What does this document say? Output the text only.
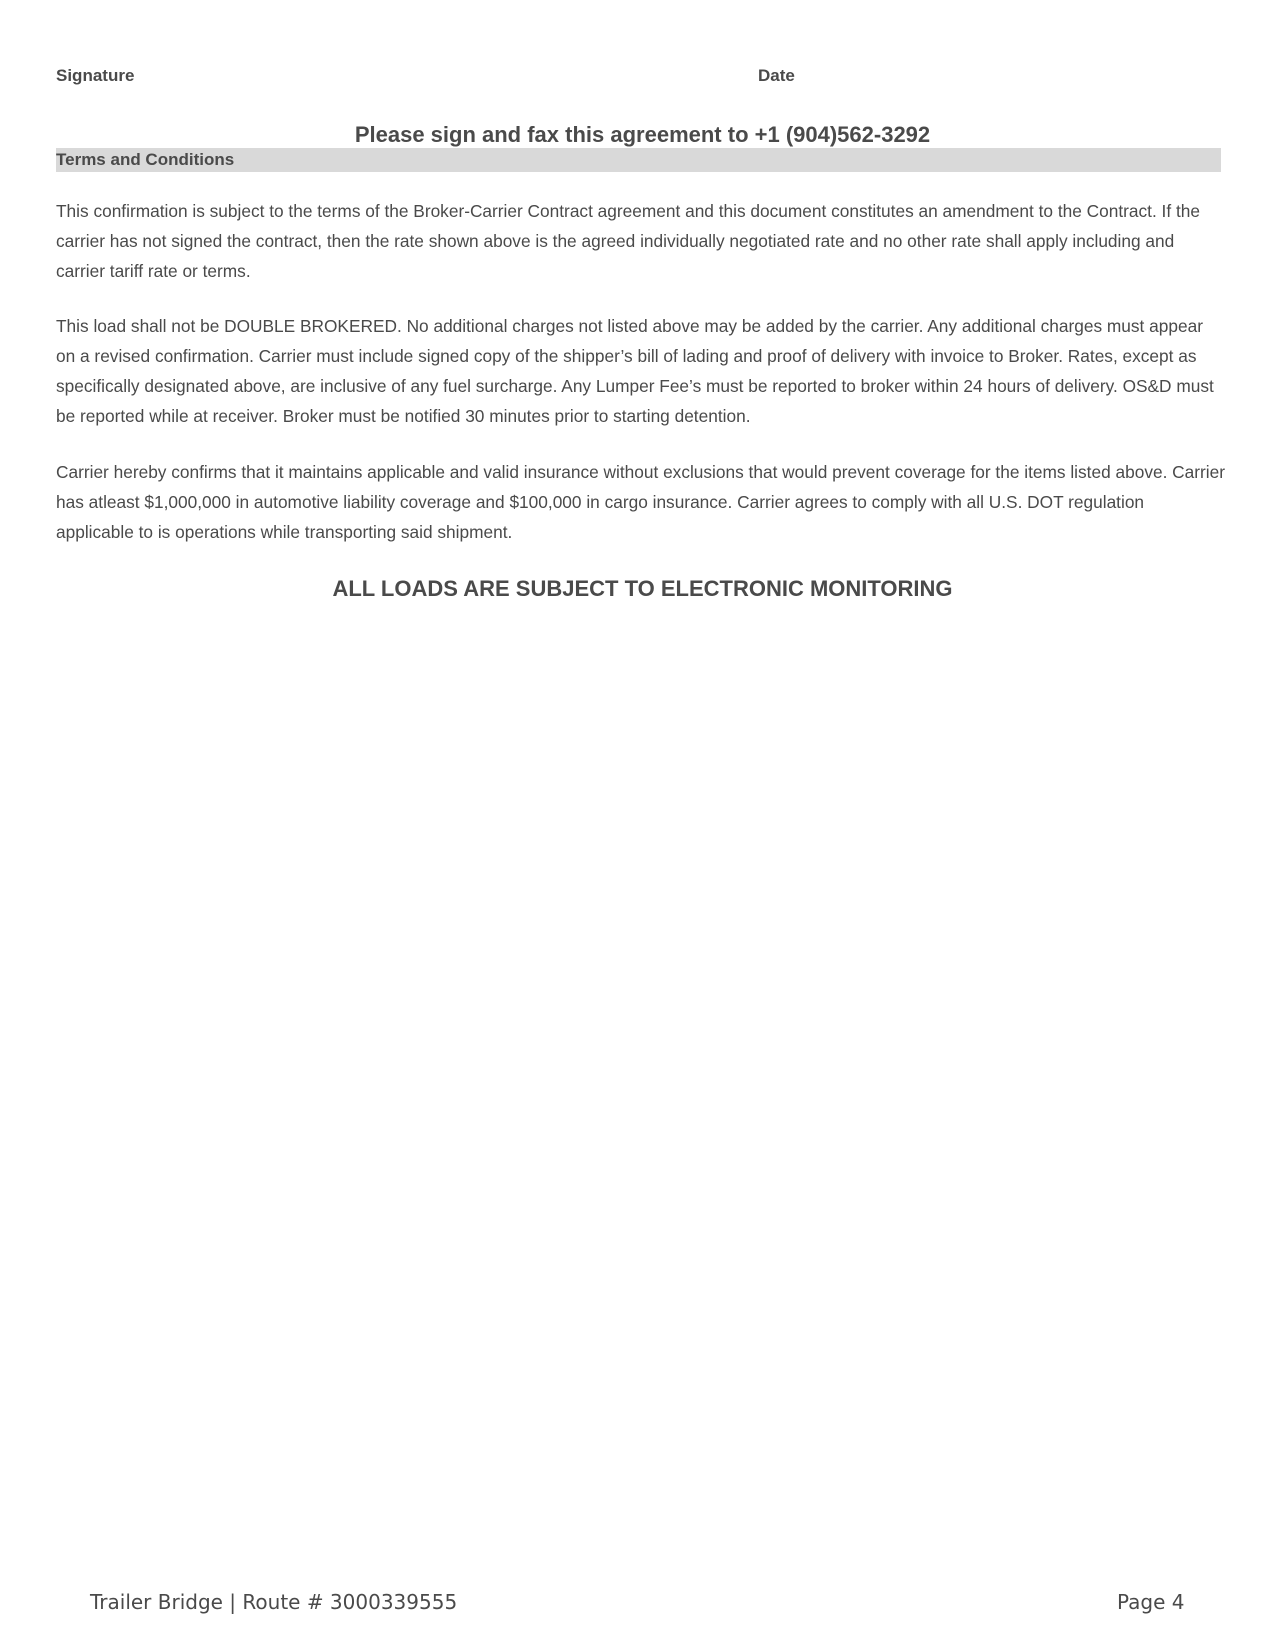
Signature	Date
Please sign and fax this agreement to +1 (904)562-3292
Terms and Conditions

This confirmation is subject to the terms of the Broker-Carrier Contract agreement and this document constitutes an amendment to the Contract. If the carrier has not signed the contract, then the rate shown above is the agreed individually negotiated rate and no other rate shall apply including and carrier tariff rate or terms.

This load shall not be DOUBLE BROKERED. No additional charges not listed above may be added by the carrier. Any additional charges must appear on a revised confirmation. Carrier must include signed copy of the shipper’s bill of lading and proof of delivery with invoice to Broker. Rates, except as specifically designated above, are inclusive of any fuel surcharge. Any Lumper Fee’s must be reported to broker within 24 hours of delivery. OS&D must be reported while at receiver. Broker must be notified 30 minutes prior to starting detention.

Carrier hereby confirms that it maintains applicable and valid insurance without exclusions that would prevent coverage for the items listed above. Carrier has atleast $1,000,000 in automotive liability coverage and $100,000 in cargo insurance. Carrier agrees to comply with all U.S. DOT regulation applicable to is operations while transporting said shipment.

ALL LOADS ARE SUBJECT TO ELECTRONIC MONITORING
Trailer Bridge | Route # 3000339555	Page 4
